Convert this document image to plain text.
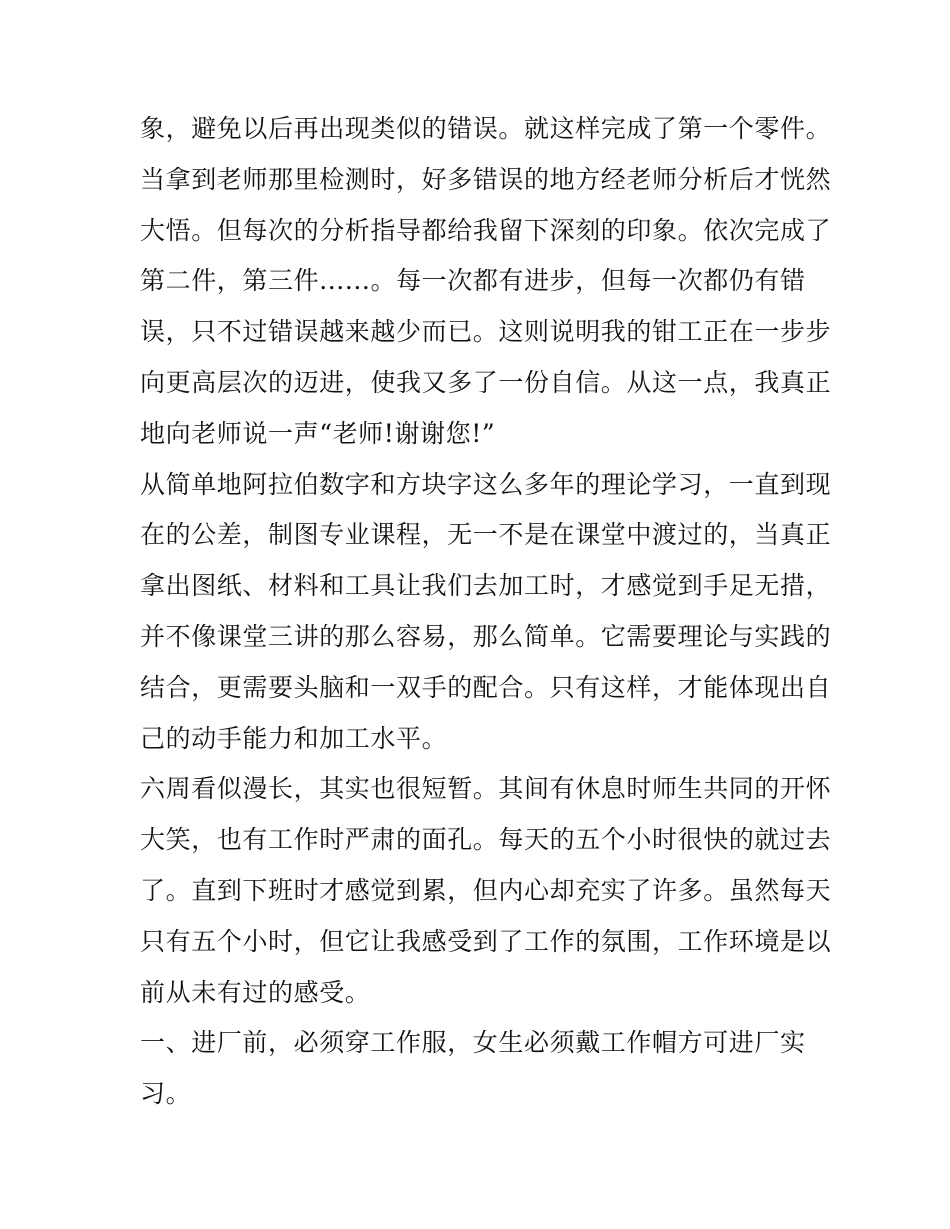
象，避免以后再出现类似的错误。就这样完成了第一个零件。
当拿到老师那里检测时，好多错误的地方经老师分析后才恍然
大悟。但每次的分析指导都给我留下深刻的印象。依次完成了
第二件，第三件......。每一次都有进步，但每一次都仍有错
误，只不过错误越来越少而已。这则说明我的钳工正在一步步
向更高层次的迈进，使我又多了一份自信。从这一点，我真正
地向老师说一声“老师!谢谢您!”
从简单地阿拉伯数字和方块字这么多年的理论学习，一直到现
在的公差，制图专业课程，无一不是在课堂中渡过的，当真正
拿出图纸、材料和工具让我们去加工时，才感觉到手足无措，
并不像课堂三讲的那么容易，那么简单。它需要理论与实践的
结合，更需要头脑和一双手的配合。只有这样，才能体现出自
己的动手能力和加工水平。
六周看似漫长，其实也很短暂。其间有休息时师生共同的开怀
大笑，也有工作时严肃的面孔。每天的五个小时很快的就过去
了。直到下班时才感觉到累，但内心却充实了许多。虽然每天
只有五个小时，但它让我感受到了工作的氛围，工作环境是以
前从未有过的感受。
一、进厂前，必须穿工作服，女生必须戴工作帽方可进厂实
习。
